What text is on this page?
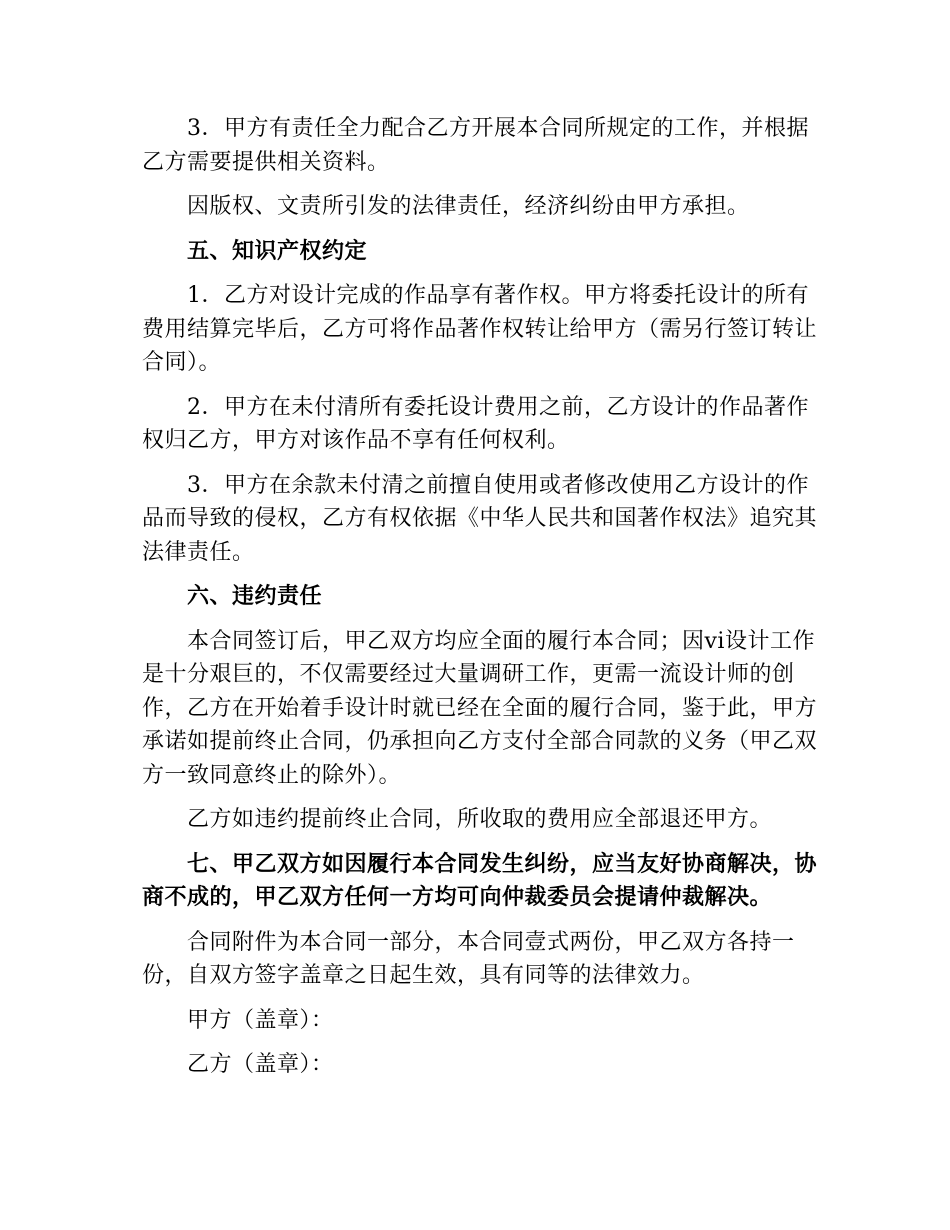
3．甲方有责任全力配合乙方开展本合同所规定的工作，并根据乙方需要提供相关资料。

因版权、文责所引发的法律责任，经济纠纷由甲方承担。

五、知识产权约定

1．乙方对设计完成的作品享有著作权。甲方将委托设计的所有费用结算完毕后，乙方可将作品著作权转让给甲方（需另行签订转让合同）。

2．甲方在未付清所有委托设计费用之前，乙方设计的作品著作权归乙方，甲方对该作品不享有任何权利。

3．甲方在余款未付清之前擅自使用或者修改使用乙方设计的作品而导致的侵权，乙方有权依据《中华人民共和国著作权法》追究其法律责任。

六、违约责任

本合同签订后，甲乙双方均应全面的履行本合同；因vi设计工作是十分艰巨的，不仅需要经过大量调研工作，更需一流设计师的创作，乙方在开始着手设计时就已经在全面的履行合同，鉴于此，甲方承诺如提前终止合同，仍承担向乙方支付全部合同款的义务（甲乙双方一致同意终止的除外）。

乙方如违约提前终止合同，所收取的费用应全部退还甲方。

七、甲乙双方如因履行本合同发生纠纷，应当友好协商解决，协商不成的，甲乙双方任何一方均可向仲裁委员会提请仲裁解决。

合同附件为本合同一部分，本合同壹式两份，甲乙双方各持一份，自双方签字盖章之日起生效，具有同等的法律效力。

甲方（盖章）：

乙方（盖章）：
